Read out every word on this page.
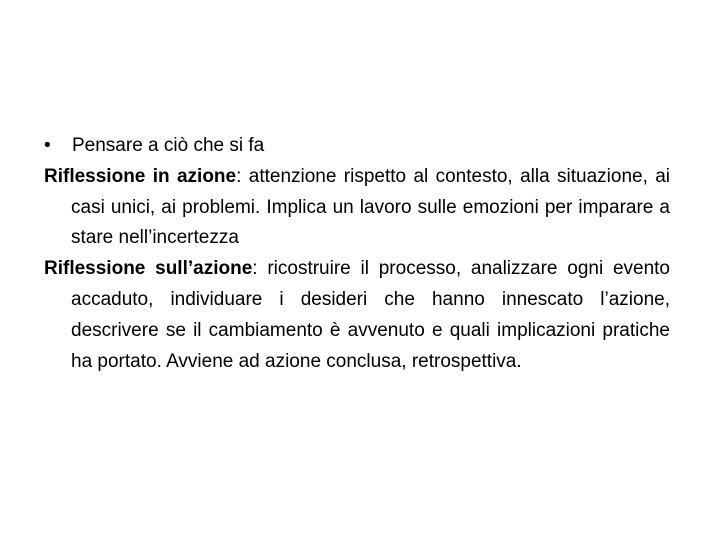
•	Pensare a ciò che si fa

Riflessione in azione: attenzione rispetto al contesto, alla situazione, ai casi unici, ai problemi. Implica un lavoro sulle emozioni per imparare a stare nell’incertezza

Riflessione sull’azione: ricostruire il processo, analizzare ogni evento accaduto, individuare i desideri che hanno innescato l’azione, descrivere se il cambiamento è avvenuto e quali implicazioni pratiche ha portato. Avviene ad azione conclusa, retrospettiva.
